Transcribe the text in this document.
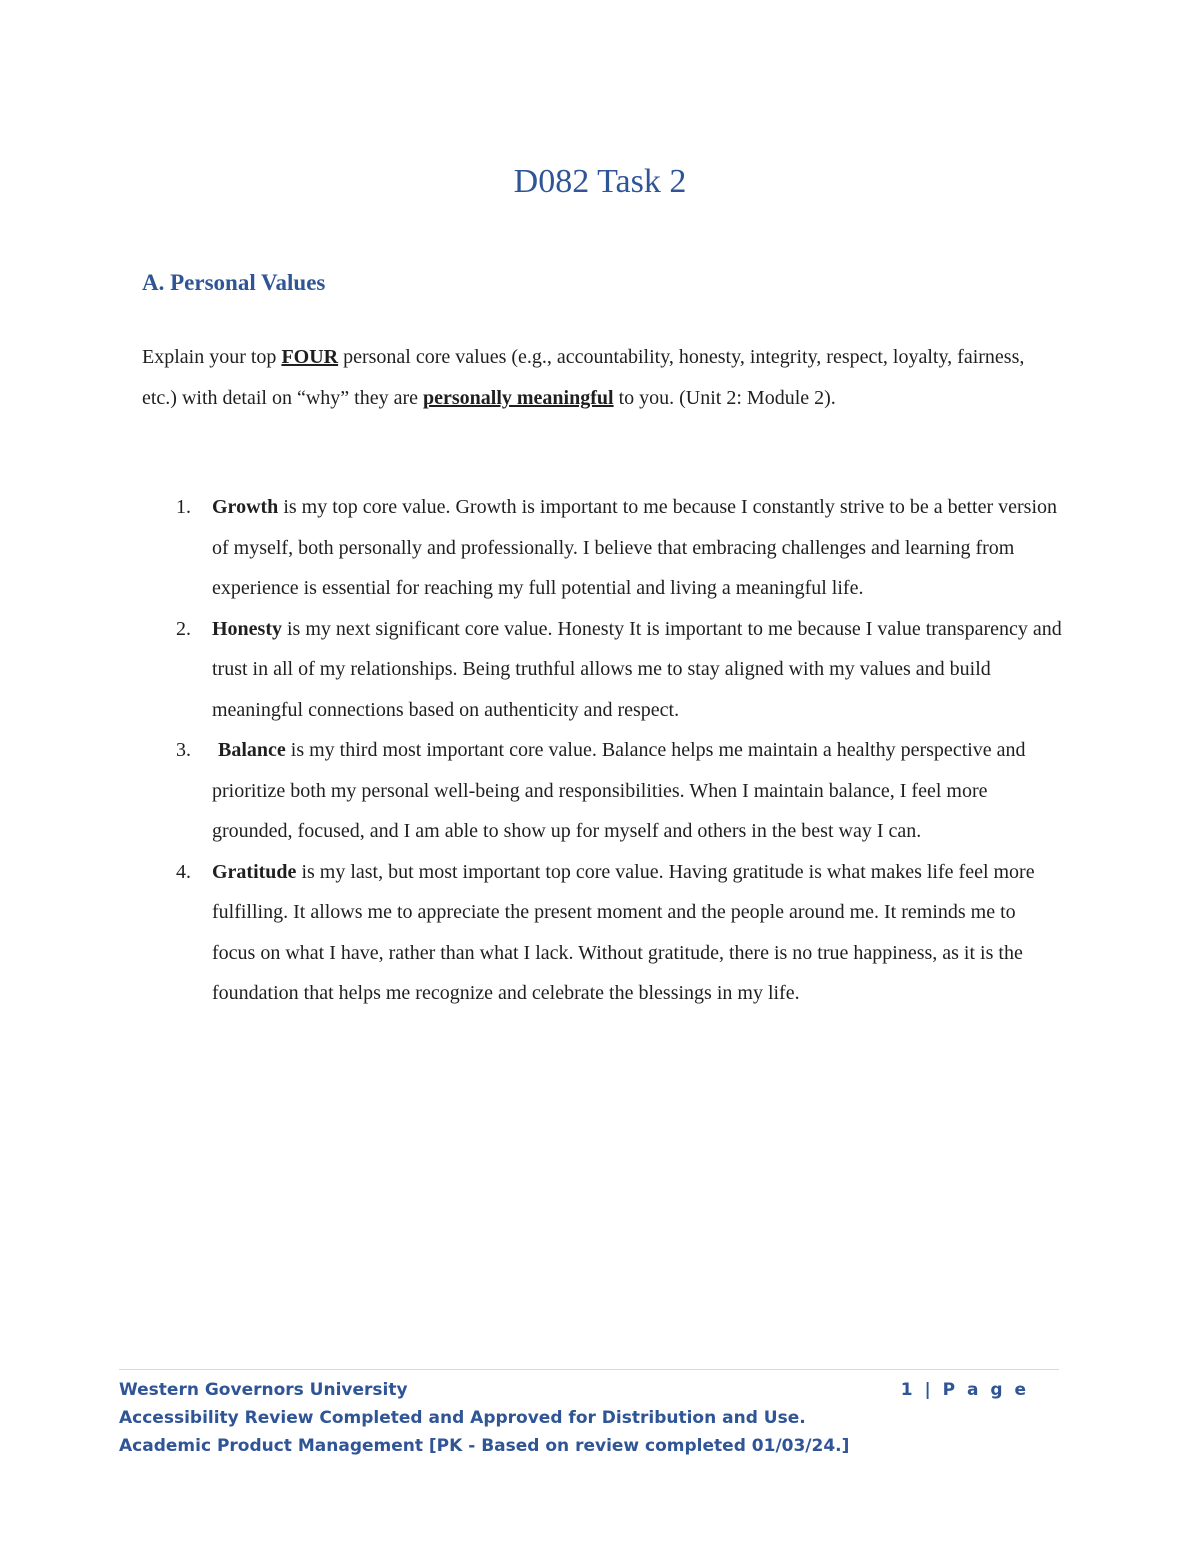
D082 Task 2
A. Personal Values

Explain your top FOUR personal core values (e.g., accountability, honesty, integrity, respect, loyalty, fairness, etc.) with detail on “why” they are personally meaningful to you. (Unit 2: Module 2).

1. Growth is my top core value. Growth is important to me because I constantly strive to be a better version of myself, both personally and professionally. I believe that embracing challenges and learning from experience is essential for reaching my full potential and living a meaningful life.
2. Honesty is my next significant core value. Honesty It is important to me because I value transparency and trust in all of my relationships. Being truthful allows me to stay aligned with my values and build meaningful connections based on authenticity and respect.
3. Balance is my third most important core value. Balance helps me maintain a healthy perspective and prioritize both my personal well-being and responsibilities. When I maintain balance, I feel more grounded, focused, and I am able to show up for myself and others in the best way I can.
4. Gratitude is my last, but most important top core value. Having gratitude is what makes life feel more fulfilling. It allows me to appreciate the present moment and the people around me. It reminds me to focus on what I have, rather than what I lack. Without gratitude, there is no true happiness, as it is the foundation that helps me recognize and celebrate the blessings in my life.
Western Governors University	1 | P a g e
Accessibility Review Completed and Approved for Distribution and Use.
Academic Product Management [PK - Based on review completed 01/03/24.]
